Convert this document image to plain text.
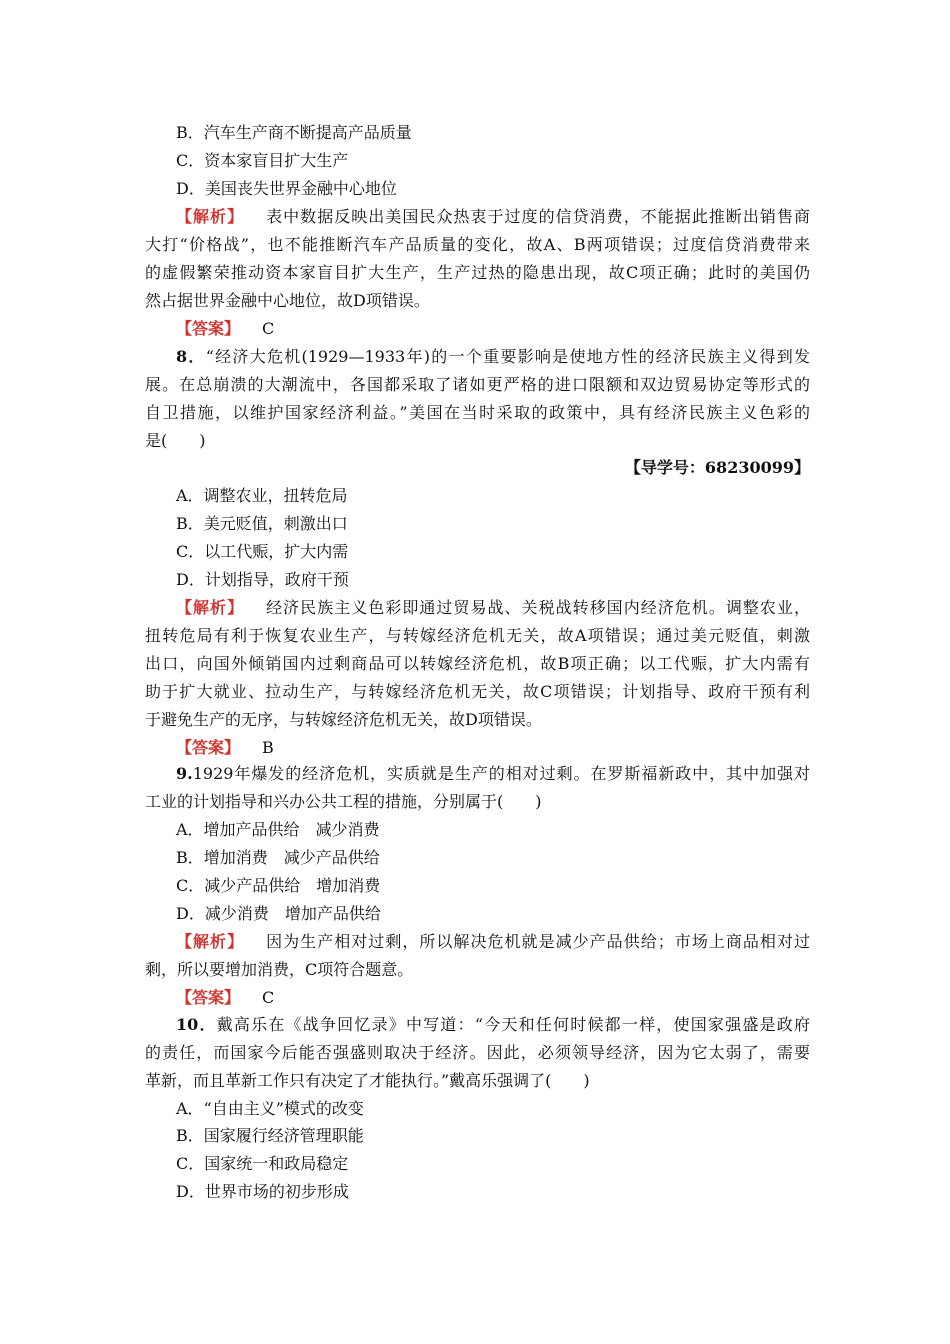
B．汽车生产商不断提高产品质量
C．资本家盲目扩大生产
D．美国丧失世界金融中心地位
【解析】 表中数据反映出美国民众热衷于过度的信贷消费，不能据此推断出销售商
大打“价格战”，也不能推断汽车产品质量的变化，故A、B两项错误；过度信贷消费带来
的虚假繁荣推动资本家盲目扩大生产，生产过热的隐患出现，故C项正确；此时的美国仍
然占据世界金融中心地位，故D项错误。
【答案】 C
8．“经济大危机(1929—1933年)的一个重要影响是使地方性的经济民族主义得到发
展。在总崩溃的大潮流中，各国都采取了诸如更严格的进口限额和双边贸易协定等形式的
自卫措施，以维护国家经济利益。”美国在当时采取的政策中，具有经济民族主义色彩的
是(　　)
【导学号：68230099】
A．调整农业，扭转危局
B．美元贬值，刺激出口
C．以工代赈，扩大内需
D．计划指导，政府干预
【解析】 经济民族主义色彩即通过贸易战、关税战转移国内经济危机。调整农业，
扭转危局有利于恢复农业生产，与转嫁经济危机无关，故A项错误；通过美元贬值，刺激
出口，向国外倾销国内过剩商品可以转嫁经济危机，故B项正确；以工代赈，扩大内需有
助于扩大就业、拉动生产，与转嫁经济危机无关，故C项错误；计划指导、政府干预有利
于避免生产的无序，与转嫁经济危机无关，故D项错误。
【答案】 B
9.1929年爆发的经济危机，实质就是生产的相对过剩。在罗斯福新政中，其中加强对
工业的计划指导和兴办公共工程的措施，分别属于(　　)
A．增加产品供给　减少消费
B．增加消费　减少产品供给
C．减少产品供给　增加消费
D．减少消费　增加产品供给
【解析】 因为生产相对过剩，所以解决危机就是减少产品供给；市场上商品相对过
剩，所以要增加消费，C项符合题意。
【答案】 C
10．戴高乐在《战争回忆录》中写道：“今天和任何时候都一样，使国家强盛是政府
的责任，而国家今后能否强盛则取决于经济。因此，必须领导经济，因为它太弱了，需要
革新，而且革新工作只有决定了才能执行。”戴高乐强调了(　　)
A．“自由主义”模式的改变
B．国家履行经济管理职能
C．国家统一和政局稳定
D．世界市场的初步形成
